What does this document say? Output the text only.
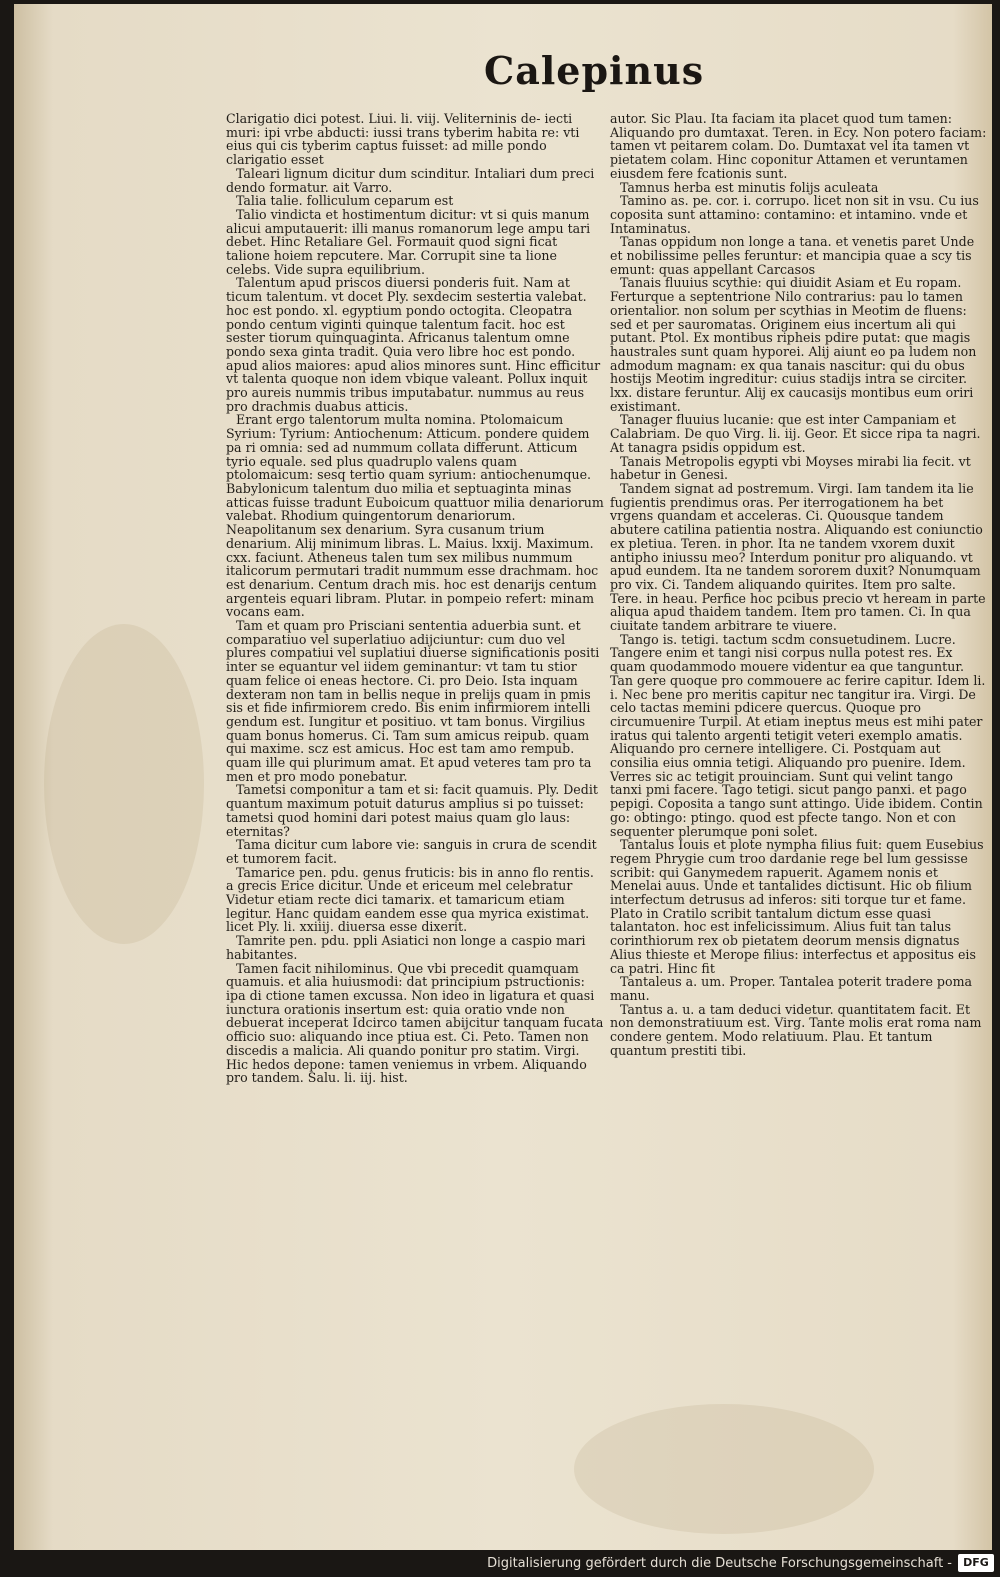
Calepinus

Clarigatio dici potest. Liui. li. viij. Veliterninis de- iecti muri: ipi vrbe abducti: iussi trans tyberim habita re: vti eius qui cis tyberim captus fuisset: ad mille pondo clarigatio esset

Taleari lignum dicitur dum scinditur. Intaliari dum preci dendo formatur. ait Varro.

Talia talie. folliculum ceparum est

Talio vindicta et hostimentum dicitur: vt si quis manum alicui amputauerit: illi manus romanorum lege ampu tari debet. Hinc Retaliare Gel. Formauit quod signi ficat talione hoiem repcutere. Mar. Corrupit sine ta lione celebs. Vide supra equilibrium.

Talentum apud priscos diuersi ponderis fuit. Nam at ticum talentum. vt docet Ply. sexdecim sestertia valebat. hoc est pondo. xl. egyptium pondo octogita. Cleopatra pondo centum viginti quinque talentum facit. hoc est sester tiorum quinquaginta. Africanus talentum omne pondo sexa ginta tradit. Quia vero libre hoc est pondo. apud alios maiores: apud alios minores sunt. Hinc efficitur vt talenta quoque non idem vbique valeant. Pollux inquit pro aureis nummis tribus imputabatur. nummus au reus pro drachmis duabus atticis.

Erant ergo talentorum multa nomina. Ptolomaicum Syrium: Tyrium: Antiochenum: Atticum. pondere quidem pa ri omnia: sed ad nummum collata differunt. Atticum tyrio equale. sed plus quadruplo valens quam ptolomaicum: sesq tertio quam syrium: antiochenumque. Babylonicum talentum duo milia et septuaginta minas atticas fuisse tradunt Euboicum quattuor milia denariorum valebat. Rhodium quingentorum denariorum. Neapolitanum sex denarium. Syra cusanum trium denarium. Alij minimum libras. L. Maius. lxxij. Maximum. cxx. faciunt. Atheneus talen tum sex milibus nummum italicorum permutari tradit nummum esse drachmam. hoc est denarium. Centum drach mis. hoc est denarijs centum argenteis equari libram. Plutar. in pompeio refert: minam vocans eam.

Tam et quam pro Prisciani sententia aduerbia sunt. et comparatiuo vel superlatiuo adijciuntur: cum duo vel plures compatiui vel suplatiui diuerse significationis positi inter se equantur vel iidem geminantur: vt tam tu stior quam felice oi eneas hectore. Ci. pro Deio. Ista inquam dexteram non tam in bellis neque in prelijs quam in pmis sis et fide infirmiorem credo. Bis enim infirmiorem intelli gendum est. Iungitur et positiuo. vt tam bonus. Virgilius quam bonus homerus. Ci. Tam sum amicus reipub. quam qui maxime. scz est amicus. Hoc est tam amo rempub. quam ille qui plurimum amat. Et apud veteres tam pro ta men et pro modo ponebatur.

Tametsi componitur a tam et si: facit quamuis. Ply. Dedit quantum maximum potuit daturus amplius si po tuisset: tametsi quod homini dari potest maius quam glo laus: eternitas?

Tama dicitur cum labore vie: sanguis in crura de scendit et tumorem facit.

Tamarice pen. pdu. genus fruticis: bis in anno flo rentis. a grecis Erice dicitur. Unde et ericeum mel celebratur Videtur etiam recte dici tamarix. et tamaricum etiam legitur. Hanc quidam eandem esse qua myrica existimat. licet Ply. li. xxiiij. diuersa esse dixerit.

Tamrite pen. pdu. ppli Asiatici non longe a caspio mari habitantes.

Tamen facit nihilominus. Que vbi precedit quamquam quamuis. et alia huiusmodi: dat principium pstructionis: ipa di ctione tamen excussa. Non ideo in ligatura et quasi iunctura orationis insertum est: quia oratio vnde non debuerat inceperat Idcirco tamen abijcitur tanquam fucata officio suo: aliquando ince ptiua est. Ci. Peto. Tamen non discedis a malicia. Ali quando ponitur pro statim. Virgi. Hic hedos depone: tamen veniemus in vrbem. Aliquando pro tandem. Salu. li. iij. hist.

autor. Sic Plau. Ita faciam ita placet quod tum tamen: Aliquando pro dumtaxat. Teren. in Ecy. Non potero faciam: tamen vt peitarem colam. Do. Dumtaxat vel ita tamen vt pietatem colam. Hinc coponitur Attamen et veruntamen eiusdem fere fcationis sunt.

Tamnus herba est minutis folijs aculeata

Tamino as. pe. cor. i. corrupo. licet non sit in vsu. Cu ius coposita sunt attamino: contamino: et intamino. vnde et Intaminatus.

Tanas oppidum non longe a tana. et venetis paret Unde et nobilissime pelles feruntur: et mancipia quae a scy tis emunt: quas appellant Carcasos

Tanais fluuius scythie: qui diuidit Asiam et Eu ropam. Ferturque a septentrione Nilo contrarius: pau lo tamen orientalior. non solum per scythias in Meotim de fluens: sed et per sauromatas. Originem eius incertum ali qui putant. Ptol. Ex montibus ripheis pdire putat: que magis haustrales sunt quam hyporei. Alij aiunt eo pa ludem non admodum magnam: ex qua tanais nascitur: qui du obus hostijs Meotim ingreditur: cuius stadijs intra se circiter. lxx. distare feruntur. Alij ex caucasijs montibus eum oriri existimant.

Tanager fluuius lucanie: que est inter Campaniam et Calabriam. De quo Virg. li. iij. Geor. Et sicce ripa ta nagri. At tanagra psidis oppidum est.

Tanais Metropolis egypti vbi Moyses mirabi lia fecit. vt habetur in Genesi.

Tandem signat ad postremum. Virgi. Iam tandem ita lie fugientis prendimus oras. Per iterrogationem ha bet vrgens quandam et acceleras. Ci. Quousque tandem abutere catilina patientia nostra. Aliquando est coniunctio ex pletiua. Teren. in phor. Ita ne tandem vxorem duxit antipho iniussu meo? Interdum ponitur pro aliquando. vt apud eundem. Ita ne tandem sororem duxit? Nonumquam pro vix. Ci. Tandem aliquando quirites. Item pro salte. Tere. in heau. Perfice hoc pcibus precio vt heream in parte aliqua apud thaidem tandem. Item pro tamen. Ci. In qua ciuitate tandem arbitrare te viuere.

Tango is. tetigi. tactum scdm consuetudinem. Lucre. Tangere enim et tangi nisi corpus nulla potest res. Ex quam quodammodo mouere videntur ea que tanguntur. Tan gere quoque pro commouere ac ferire capitur. Idem li. i. Nec bene pro meritis capitur nec tangitur ira. Virgi. De celo tactas memini pdicere quercus. Quoque pro circumuenire Turpil. At etiam ineptus meus est mihi pater iratus qui talento argenti tetigit veteri exemplo amatis. Aliquando pro cernere intelligere. Ci. Postquam aut consilia eius omnia tetigi. Aliquando pro puenire. Idem. Verres sic ac tetigit prouinciam. Sunt qui velint tango tanxi pmi facere. Tago tetigi. sicut pango panxi. et pago pepigi. Coposita a tango sunt attingo. Uide ibidem. Contin go: obtingo: ptingo. quod est pfecte tango. Non et con sequenter plerumque poni solet.

Tantalus Iouis et plote nympha filius fuit: quem Eusebius regem Phrygie cum troo dardanie rege bel lum gessisse scribit: qui Ganymedem rapuerit. Agamem nonis et Menelai auus. Unde et tantalides dictisunt. Hic ob filium interfectum detrusus ad inferos: siti torque tur et fame. Plato in Cratilo scribit tantalum dictum esse quasi talantaton. hoc est infelicissimum. Alius fuit tan talus corinthiorum rex ob pietatem deorum mensis dignatus Alius thieste et Merope filius: interfectus et appositus eis ca patri. Hinc fit

Tantaleus a. um. Proper. Tantalea poterit tradere poma manu.

Tantus a. u. a tam deduci videtur. quantitatem facit. Et non demonstratiuum est. Virg. Tante molis erat roma nam condere gentem. Modo relatiuum. Plau. Et tantum quantum prestiti tibi.

Digitalisierung gefördert durch die Deutsche Forschungsgemeinschaft -	DFG
